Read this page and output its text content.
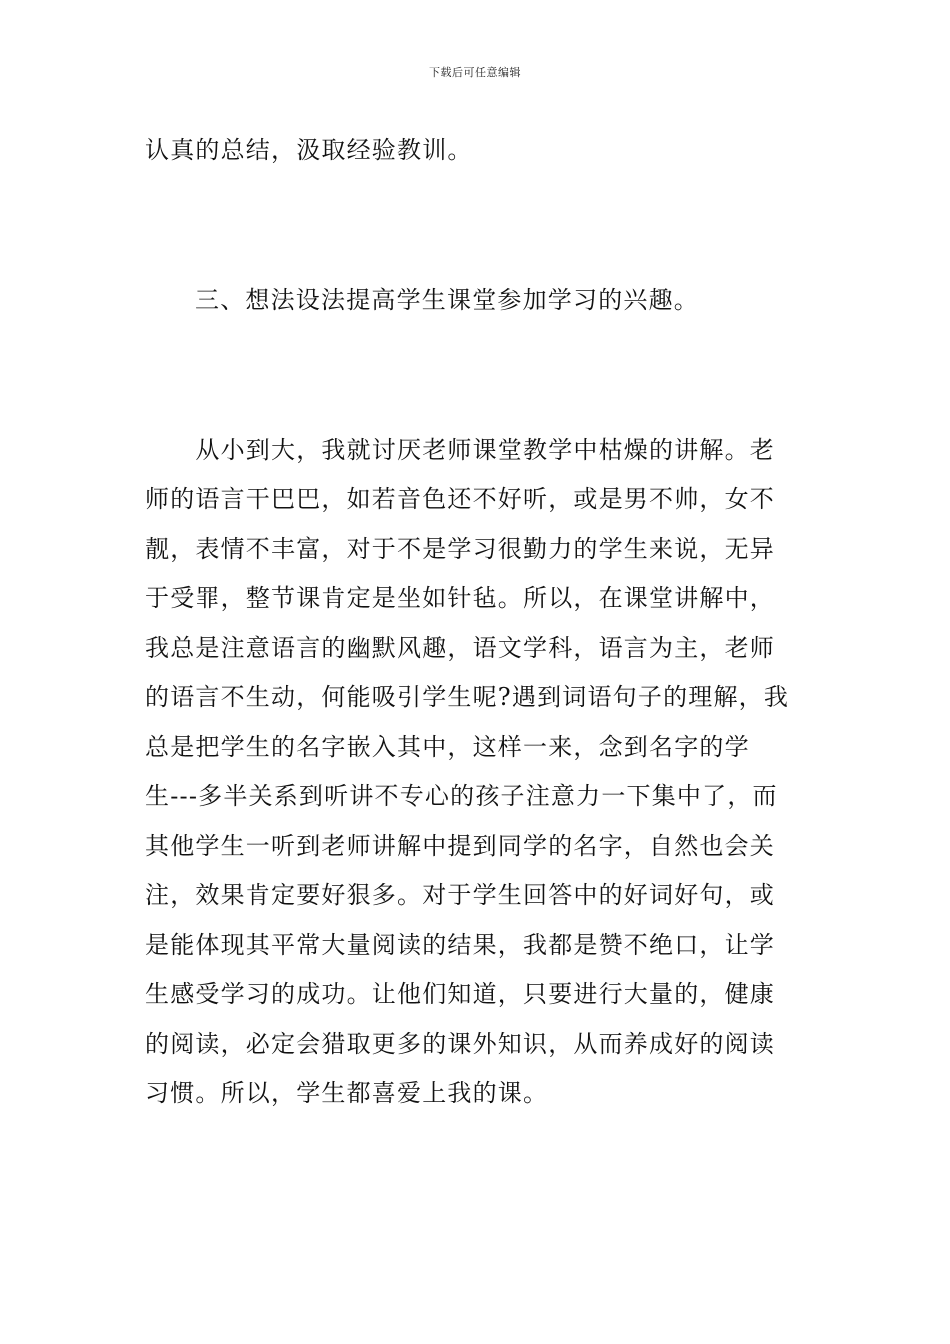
下载后可任意编辑
认真的总结，汲取经验教训。
三、想法设法提高学生课堂参加学习的兴趣。
　　从小到大，我就讨厌老师课堂教学中枯燥的讲解。老
师的语言干巴巴，如若音色还不好听，或是男不帅，女不
靓，表情不丰富，对于不是学习很勤力的学生来说，无异
于受罪，整节课肯定是坐如针毡。所以，在课堂讲解中，
我总是注意语言的幽默风趣，语文学科，语言为主，老师
的语言不生动，何能吸引学生呢?遇到词语句子的理解，我
总是把学生的名字嵌入其中，这样一来，念到名字的学
生---多半关系到听讲不专心的孩子注意力一下集中了，而
其他学生一听到老师讲解中提到同学的名字，自然也会关
注，效果肯定要好狠多。对于学生回答中的好词好句，或
是能体现其平常大量阅读的结果，我都是赞不绝口，让学
生感受学习的成功。让他们知道，只要进行大量的，健康
的阅读，必定会猎取更多的课外知识，从而养成好的阅读
习惯。所以，学生都喜爱上我的课。
